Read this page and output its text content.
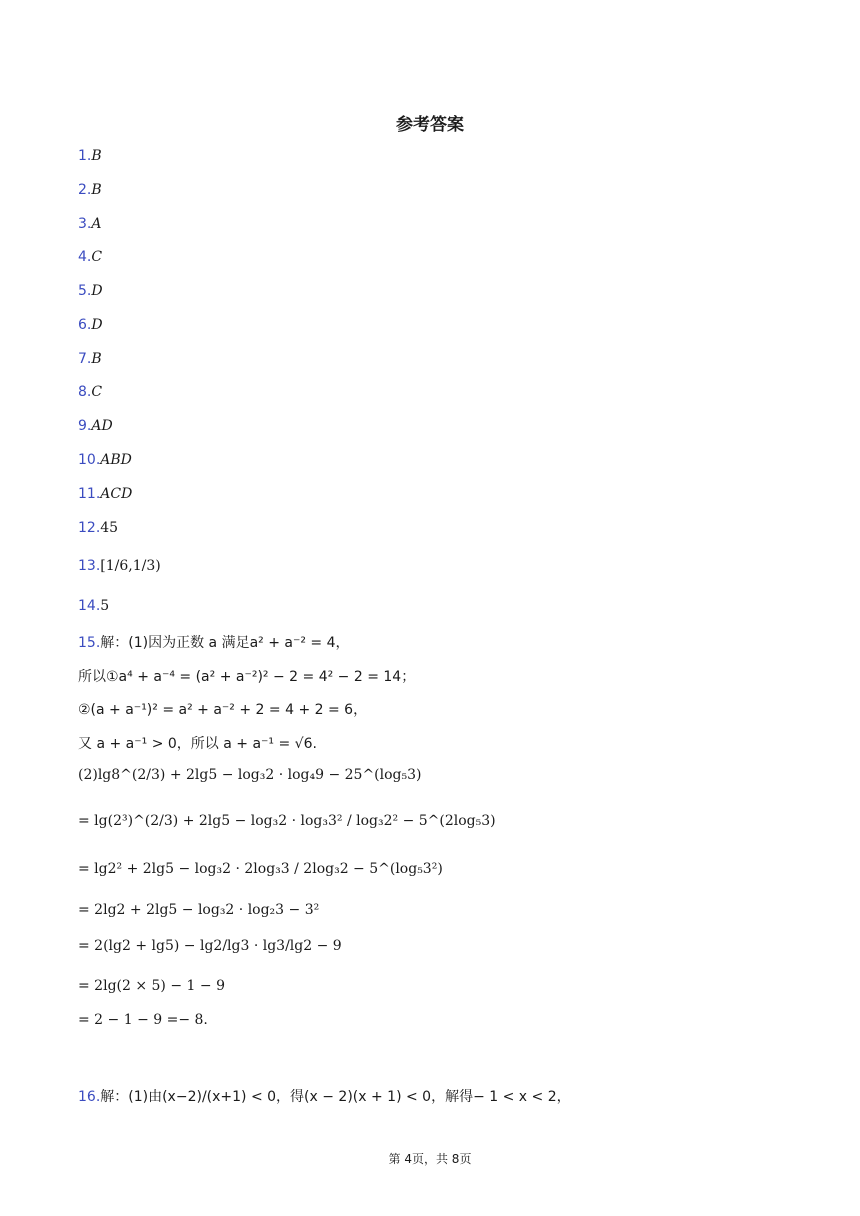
参考答案
1.B
2.B
3.A
4.C
5.D
6.D
7.B
8.C
9.AD
10.ABD
11.ACD
12.45
13.[1/6,1/3)
14.5
15.解：(1)因为正数 a 满足a² + a⁻² = 4，
所以①a⁴ + a⁻⁴ = (a² + a⁻²)² − 2 = 4² − 2 = 14；
②(a + a⁻¹)² = a² + a⁻² + 2 = 4 + 2 = 6，
又 a + a⁻¹ > 0，所以 a + a⁻¹ = √6.
(2)lg8^(2/3) + 2lg5 − log₃2 · log₄9 − 25^(log₅3)
= lg(2³)^(2/3) + 2lg5 − log₃2 · log₃3² / log₃2² − 5^(2log₅3)
= lg2² + 2lg5 − log₃2 · 2log₃3 / 2log₃2 − 5^(log₅3²)
= 2lg2 + 2lg5 − log₃2 · log₂3 − 3²
= 2(lg2 + lg5) − lg2/lg3 · lg3/lg2 − 9
= 2lg(2 × 5) − 1 − 9
= 2 − 1 − 9 =− 8.
16.解：(1)由(x−2)/(x+1) < 0，得(x − 2)(x + 1) < 0，解得− 1 < x < 2，
第 4页，共 8页
